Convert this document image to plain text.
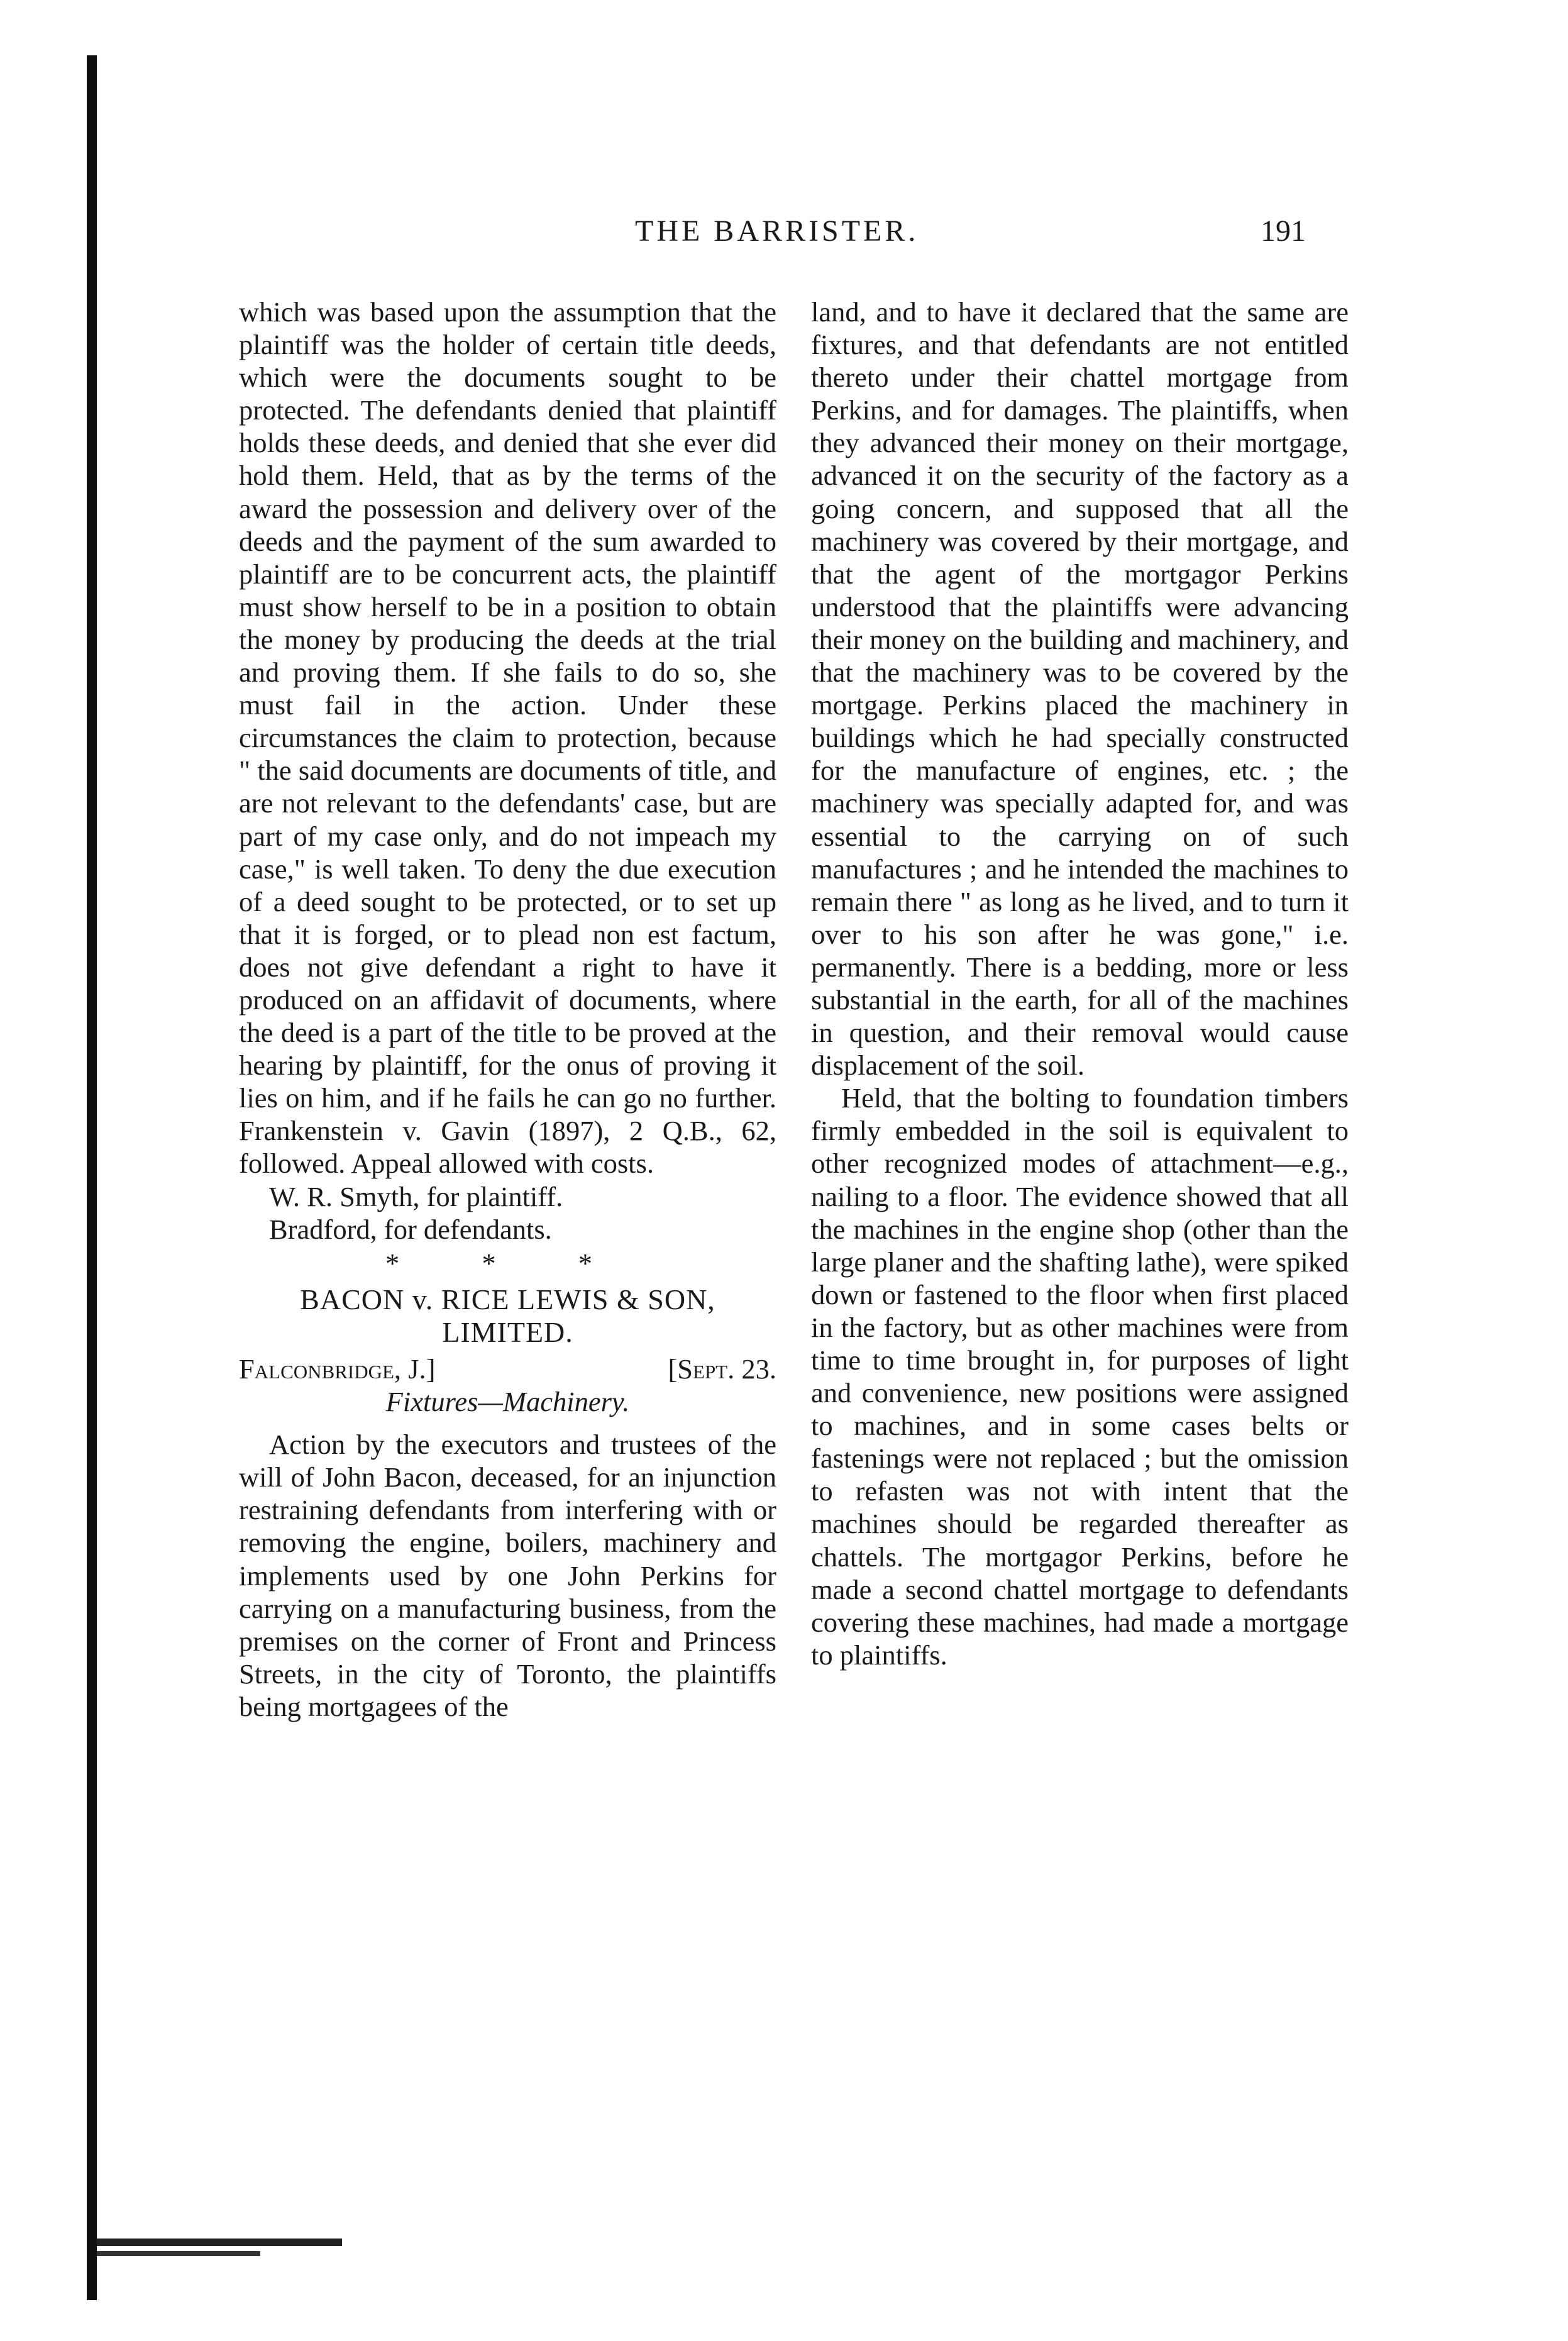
THE BARRISTER.	191

which was based upon the assumption that the plaintiff was the holder of certain title deeds, which were the documents sought to be protected. The defendants denied that plaintiff holds these deeds, and denied that she ever did hold them. Held, that as by the terms of the award the possession and delivery over of the deeds and the payment of the sum awarded to plaintiff are to be concurrent acts, the plaintiff must show herself to be in a position to obtain the money by producing the deeds at the trial and proving them. If she fails to do so, she must fail in the action. Under these circumstances the claim to protection, because " the said documents are documents of title, and are not relevant to the defendants' case, but are part of my case only, and do not impeach my case," is well taken. To deny the due execution of a deed sought to be protected, or to set up that it is forged, or to plead non est factum, does not give defendant a right to have it produced on an affidavit of documents, where the deed is a part of the title to be proved at the hearing by plaintiff, for the onus of proving it lies on him, and if he fails he can go no further. Frankenstein v. Gavin (1897), 2 Q.B., 62, followed. Appeal allowed with costs.

W. R. Smyth, for plaintiff.

Bradford, for defendants.

* * *

BACON v. RICE LEWIS & SON, LIMITED.

Falconbridge, J.]	[Sept. 23.

Fixtures—Machinery.

Action by the executors and trustees of the will of John Bacon, deceased, for an injunction restraining defendants from interfering with or removing the engine, boilers, machinery and implements used by one John Perkins for carrying on a manufacturing business, from the premises on the corner of Front and Princess Streets, in the city of Toronto, the plaintiffs being mortgagees of the

land, and to have it declared that the same are fixtures, and that defendants are not entitled thereto under their chattel mortgage from Perkins, and for damages. The plaintiffs, when they advanced their money on their mortgage, advanced it on the security of the factory as a going concern, and supposed that all the machinery was covered by their mortgage, and that the agent of the mortgagor Perkins understood that the plaintiffs were advancing their money on the building and machinery, and that the machinery was to be covered by the mortgage. Perkins placed the machinery in buildings which he had specially constructed for the manufacture of engines, etc. ; the machinery was specially adapted for, and was essential to the carrying on of such manufactures ; and he intended the machines to remain there " as long as he lived, and to turn it over to his son after he was gone," i.e. permanently. There is a bedding, more or less substantial in the earth, for all of the machines in question, and their removal would cause displacement of the soil.

Held, that the bolting to foundation timbers firmly embedded in the soil is equivalent to other recognized modes of attachment—e.g., nailing to a floor. The evidence showed that all the machines in the engine shop (other than the large planer and the shafting lathe), were spiked down or fastened to the floor when first placed in the factory, but as other machines were from time to time brought in, for purposes of light and convenience, new positions were assigned to machines, and in some cases belts or fastenings were not replaced ; but the omission to refasten was not with intent that the machines should be regarded thereafter as chattels. The mortgagor Perkins, before he made a second chattel mortgage to defendants covering these machines, had made a mortgage to plaintiffs.
